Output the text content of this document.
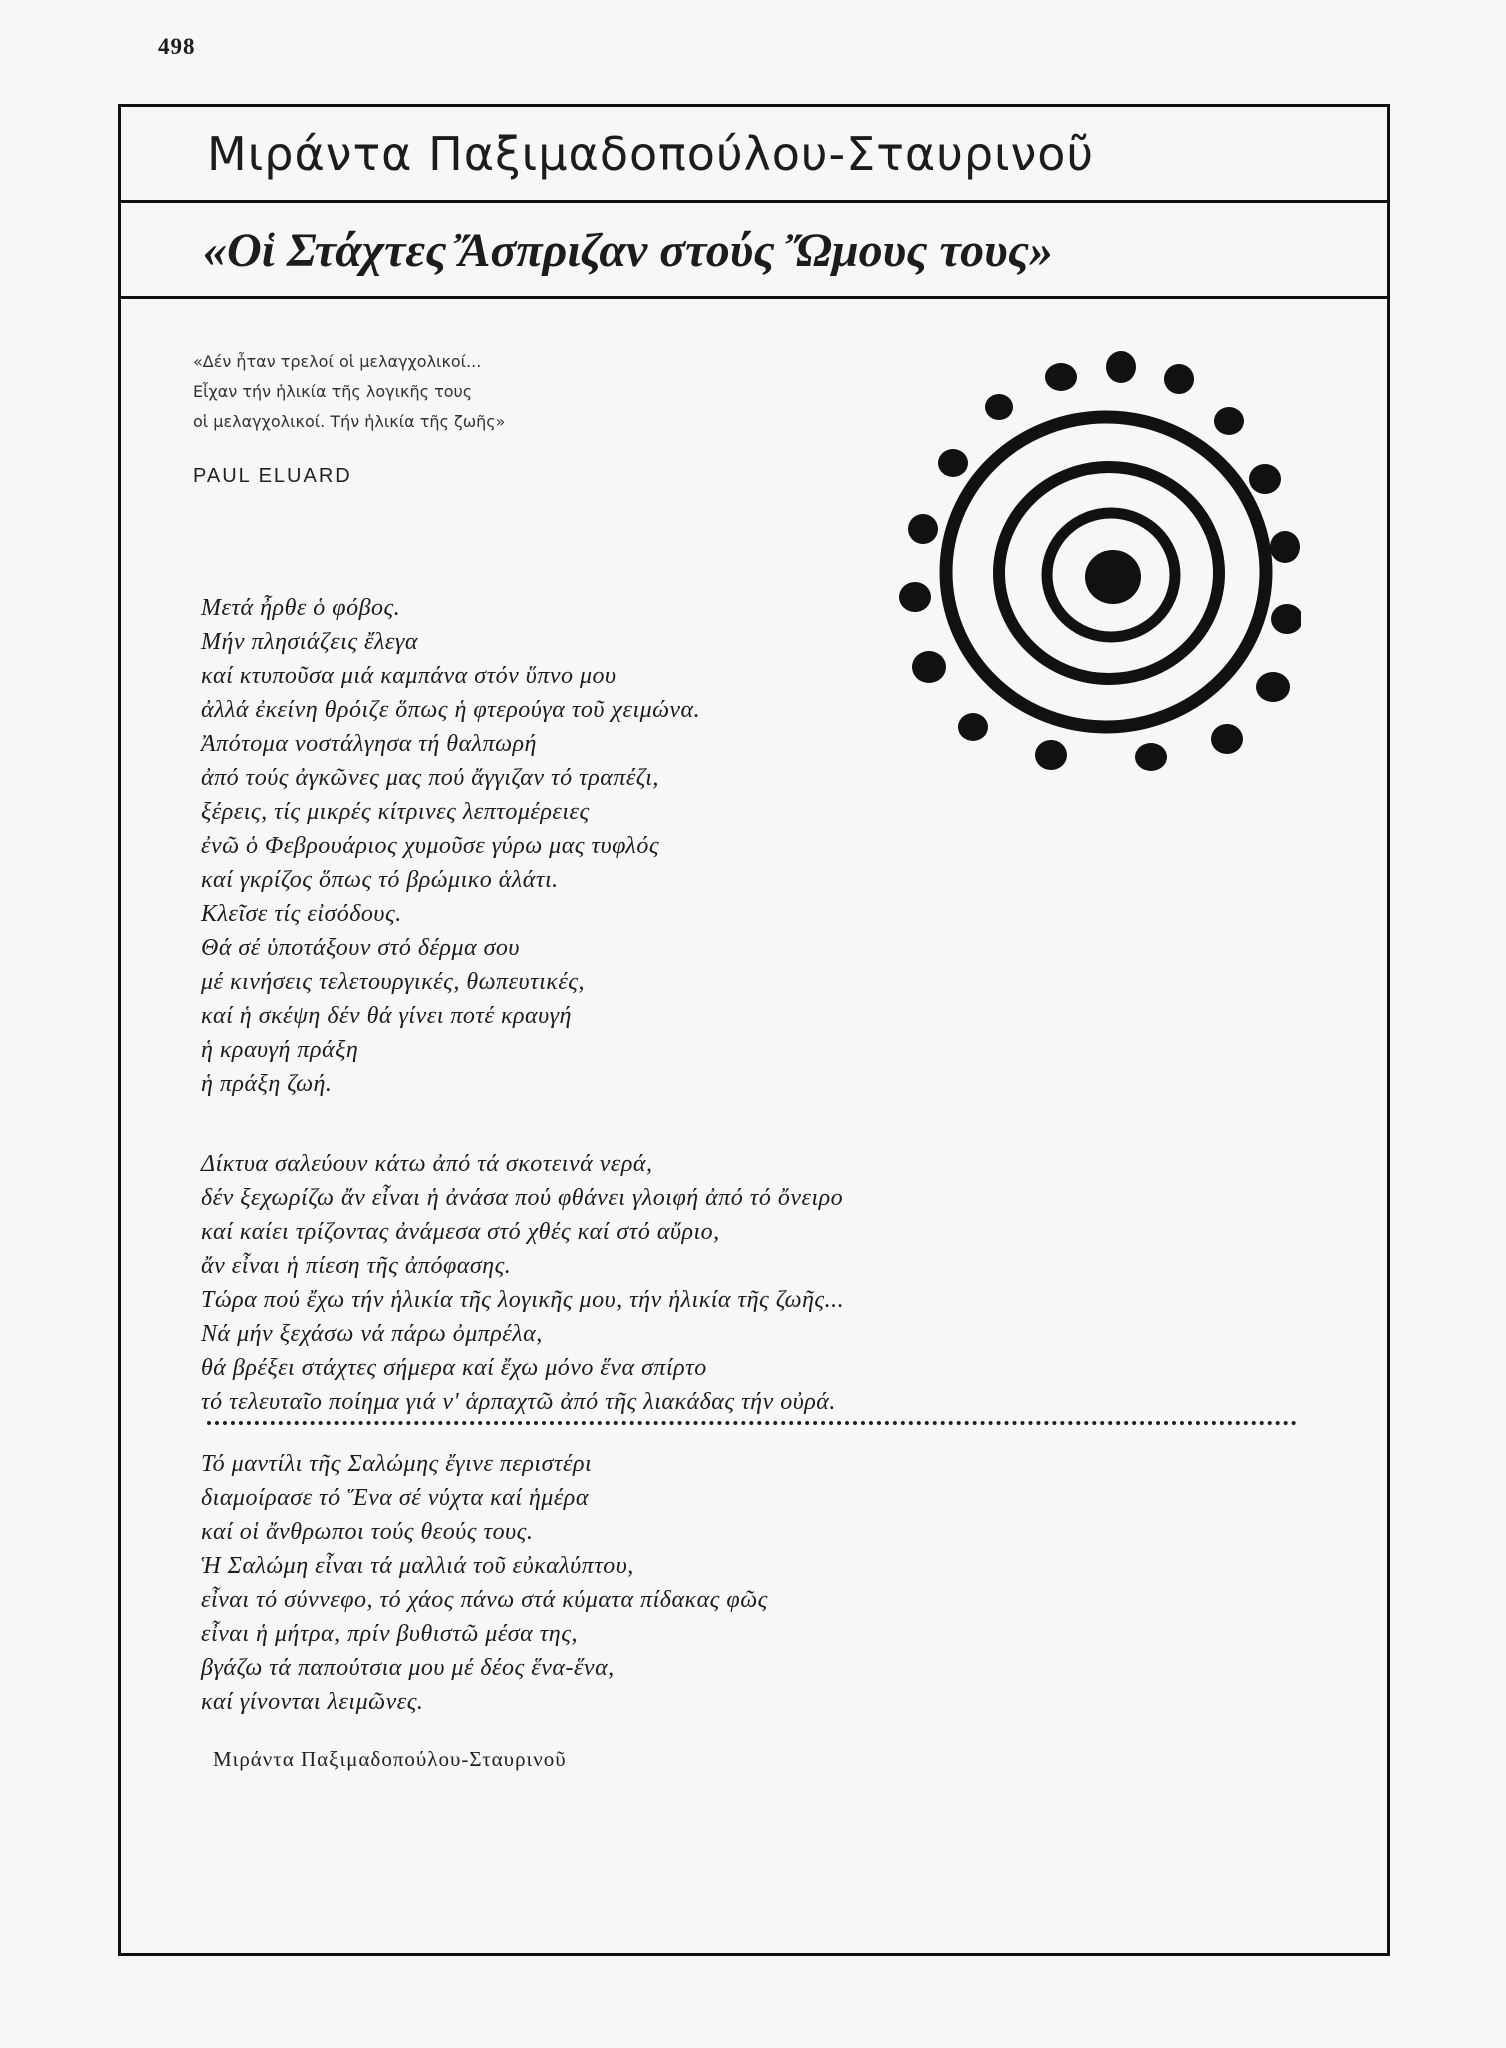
498
Μιράντα Παξιμαδοπούλου-Σταυρινοῦ
«Οἱ Στάχτες Ἄσπριζαν στούς Ὤμους τους»
«Δέν ἦταν τρελοί οἱ μελαγχολικοί...
Εἶχαν τήν ἡλικία τῆς λογικῆς τους
οἱ μελαγχολικοί. Τήν ἡλικία τῆς ζωῆς»
PAUL ELUARD
Μετά ἦρθε ὁ φόβος.
Μήν πλησιάζεις ἔλεγα
καί κτυποῦσα μιά καμπάνα στόν ὕπνο μου
ἀλλά ἐκείνη θρόιζε ὅπως ἡ φτερούγα τοῦ χειμώνα.
Ἀπότομα νοστάλγησα τή θαλπωρή
ἀπό τούς ἀγκῶνες μας πού ἄγγιζαν τό τραπέζι,
ξέρεις, τίς μικρές κίτρινες λεπτομέρειες
ἐνῶ ὁ Φεβρουάριος χυμοῦσε γύρω μας τυφλός
καί γκρίζος ὅπως τό βρώμικο ἁλάτι.
Κλεῖσε τίς εἰσόδους.
Θά σέ ὑποτάξουν στό δέρμα σου
μέ κινήσεις τελετουργικές, θωπευτικές,
καί ἡ σκέψη δέν θά γίνει ποτέ κραυγή
ἡ κραυγή πράξη
ἡ πράξη ζωή.
Δίκτυα σαλεύουν κάτω ἀπό τά σκοτεινά νερά,
δέν ξεχωρίζω ἄν εἶναι ἡ ἀνάσα πού φθάνει γλοιφή ἀπό τό ὄνειρο
καί καίει τρίζοντας ἀνάμεσα στό χθές καί στό αὔριο,
ἄν εἶναι ἡ πίεση τῆς ἀπόφασης.
Τώρα πού ἔχω τήν ἡλικία τῆς λογικῆς μου, τήν ἡλικία τῆς ζωῆς...
Νά μήν ξεχάσω νά πάρω ὀμπρέλα,
θά βρέξει στάχτες σήμερα καί ἔχω μόνο ἕνα σπίρτο
τό τελευταῖο ποίημα γιά ν' ἁρπαχτῶ ἀπό τῆς λιακάδας τήν οὐρά.
Τό μαντίλι τῆς Σαλώμης ἔγινε περιστέρι
διαμοίρασε τό Ἕνα σέ νύχτα καί ἡμέρα
καί οἱ ἄνθρωποι τούς θεούς τους.
Ἡ Σαλώμη εἶναι τά μαλλιά τοῦ εὐκαλύπτου,
εἶναι τό σύννεφο, τό χάος πάνω στά κύματα πίδακας φῶς
εἶναι ἡ μήτρα, πρίν βυθιστῶ μέσα της,
βγάζω τά παπούτσια μου μέ δέος ἕνα-ἕνα,
καί γίνονται λειμῶνες.
Μιράντα Παξιμαδοπούλου-Σταυρινοῦ
